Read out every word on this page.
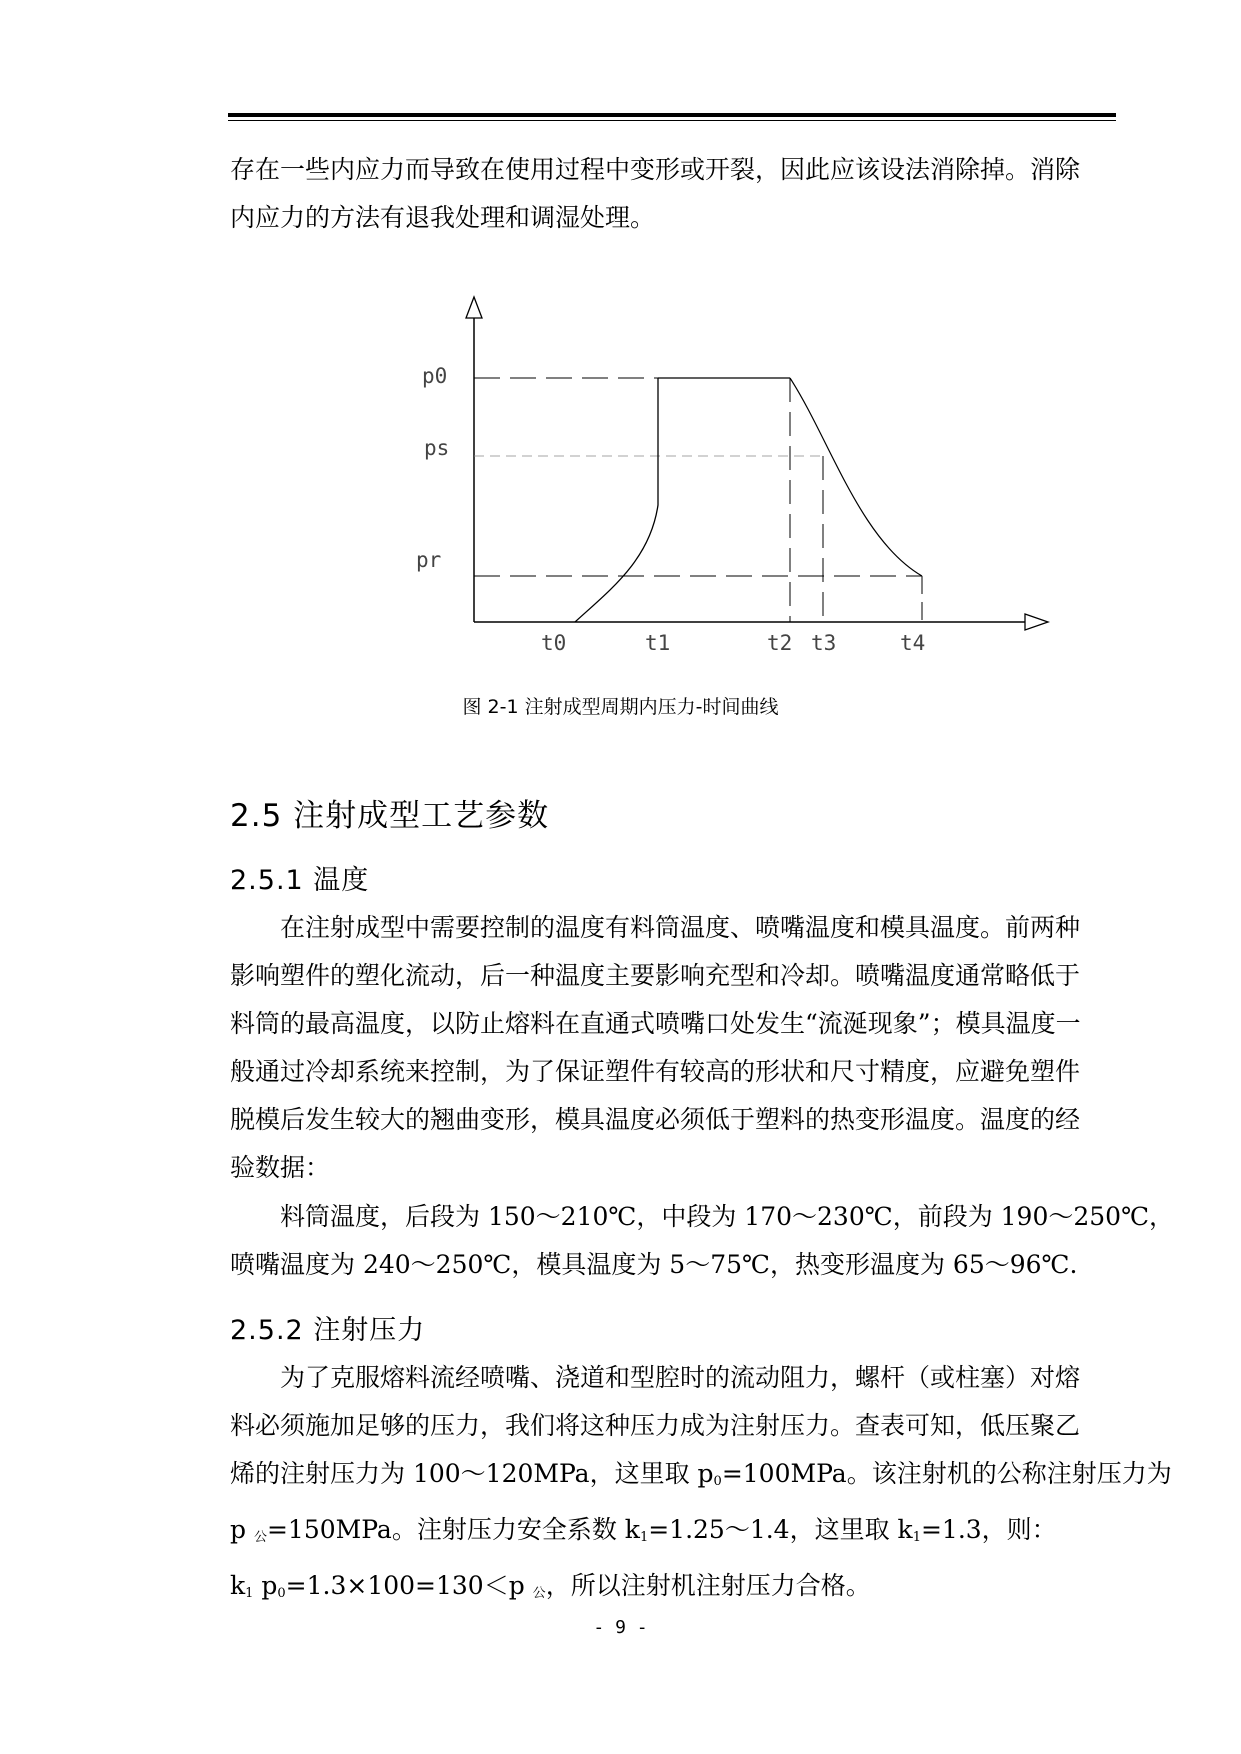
存在一些内应力而导致在使用过程中变形或开裂，因此应该设法消除掉。消除
内应力的方法有退我处理和调湿处理。

p0
ps
pr
t0	t1	t2 t3	t4
图 2-1 注射成型周期内压力-时间曲线
2.5 注射成型工艺参数
2.5.1 温度

在注射成型中需要控制的温度有料筒温度、喷嘴温度和模具温度。前两种
影响塑件的塑化流动，后一种温度主要影响充型和冷却。喷嘴温度通常略低于
料筒的最高温度，以防止熔料在直通式喷嘴口处发生“流涎现象”；模具温度一
般通过冷却系统来控制，为了保证塑件有较高的形状和尺寸精度，应避免塑件
脱模后发生较大的翘曲变形，模具温度必须低于塑料的热变形温度。温度的经
验数据：

料筒温度，后段为 150～210℃，中段为 170～230℃，前段为 190～250℃，
喷嘴温度为 240～250℃，模具温度为 5～75℃，热变形温度为 65～96℃.

2.5.2 注射压力

为了克服熔料流经喷嘴、浇道和型腔时的流动阻力，螺杆（或柱塞）对熔
料必须施加足够的压力，我们将这种压力成为注射压力。查表可知，低压聚乙
烯的注射压力为 100～120MPa，这里取 $p_0=100MPa$。该注射机的公称注射压力为
p $_公$=150MPa。注射压力安全系数 $k_1=1.25\sim 1.4$，这里取 $k_1=1.3$，则：
$k_1$ $p_0=1.3\times 100=130<p$ $_公$，所以注射机注射压力合格。

- 9 -
